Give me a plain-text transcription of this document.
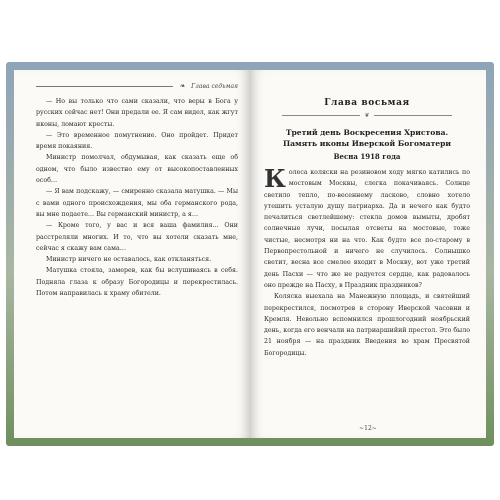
❧ Глава седьмая

— Но вы только что сами сказали, что веры в Бога у русских сейчас нет! Они предали ее. Я сам видел, как жгут иконы, ломают кресты.

— Это временное помутнение. Оно пройдет. Придет время покаяния.

Министр помолчал, обдумывая, как сказать еще об одном, что было известно ему от высокопоставленных особ…

— Я вам подскажу, — смиренно сказала матушка. — Мы с вами одного происхождения, мы оба германского рода, вы мне подаете… Вы германский министр, а я…

— Кроме того, у вас и вся ваша фамилия… Они расстреляли многих. И то, что вы хотели сказать мне, сейчас я скажу вам сама…

Министр ничего не оставалось, как откланяться.

Матушка стояла, замерев, как бы вслушиваясь в себя. Подняла глаза к образу Богородицы и перекрестилась. Потом направилась к храму обители.

Глава восьмая
❦
Третий день Воскресения Христова.
Память иконы Иверской Богоматери
Весна 1918 года

Колеса коляски на резиновом ходу мягко катились по мостовым Москвы, слегка покачиваясь. Солнце светило тепло, по-весеннему ласково, словно хотело утешить усталую душу патриарха. Да и нечего как будто печалиться светлейшему: стекла домов вымыты, дробят солнечные лучи, посылая отсветы на мостовые, тоже чистые, несмотря ни на что. Как будто все по-старому в Первопрестольной и ничего не случилось. Солнышко светит, весна все смелее входит в Москву, вот уже третий день Пасхи — что же не радуется сердце, как радовалось оно прежде на Пасху, в Праздник праздников?

Коляска выехала на Манежную площадь, и святейший перекрестился, посмотрев в сторону Иверской часовни и Кремля. Невольно вспомнился прошлогодний ноябрьский день, когда его венчали на патриаршийий престол. Это было 21 ноября — на праздник Введения во храм Пресвятой Богородицы.

~12~
